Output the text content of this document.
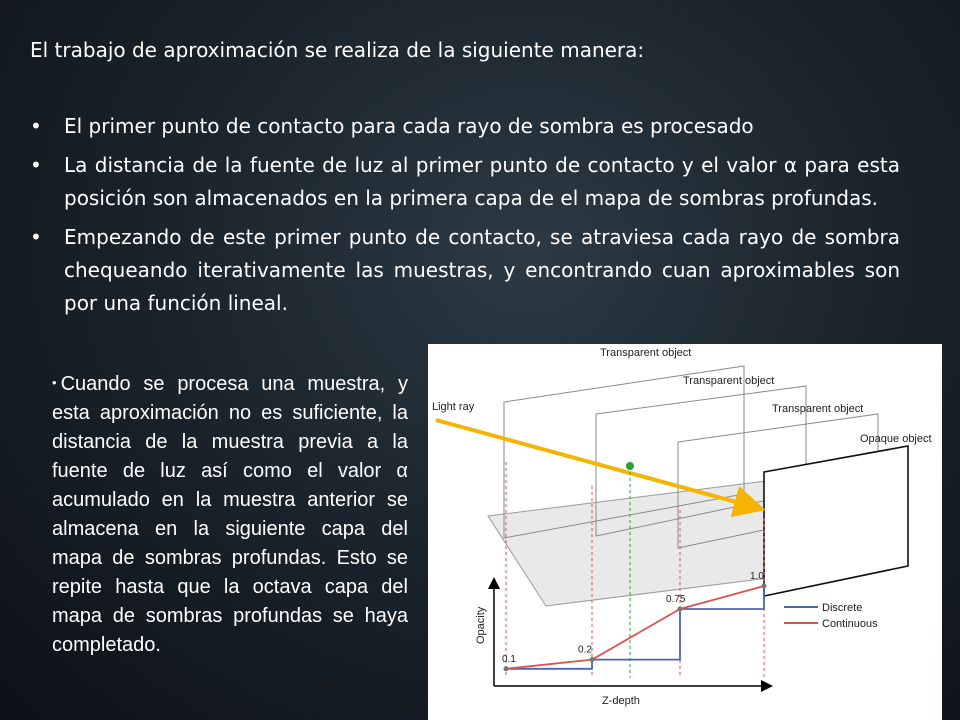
El trabajo de aproximación se realiza de la siguiente manera:

• El primer punto de contacto para cada rayo de sombra es procesado
• La distancia de la fuente de luz al primer punto de contacto y el valor α para esta posición son almacenados en la primera capa de el mapa de sombras profundas.
• Empezando de este primer punto de contacto, se atraviesa cada rayo de sombra chequeando iterativamente las muestras, y encontrando cuan aproximables son por una función lineal.

• Cuando se procesa una muestra, y esta aproximación no es suficiente, la distancia de la muestra previa a la fuente de luz así como el valor α acumulado en la muestra anterior se almacena en la siguiente capa del mapa de sombras profundas. Esto se repite hasta que la octava capa del mapa de sombras profundas se haya completado.

Transparent object
Transparent object
Transparent object
Opaque object
Light ray
Opacity
Z-depth
0.1
0.2
0.75
1.0
Discrete
Continuous
